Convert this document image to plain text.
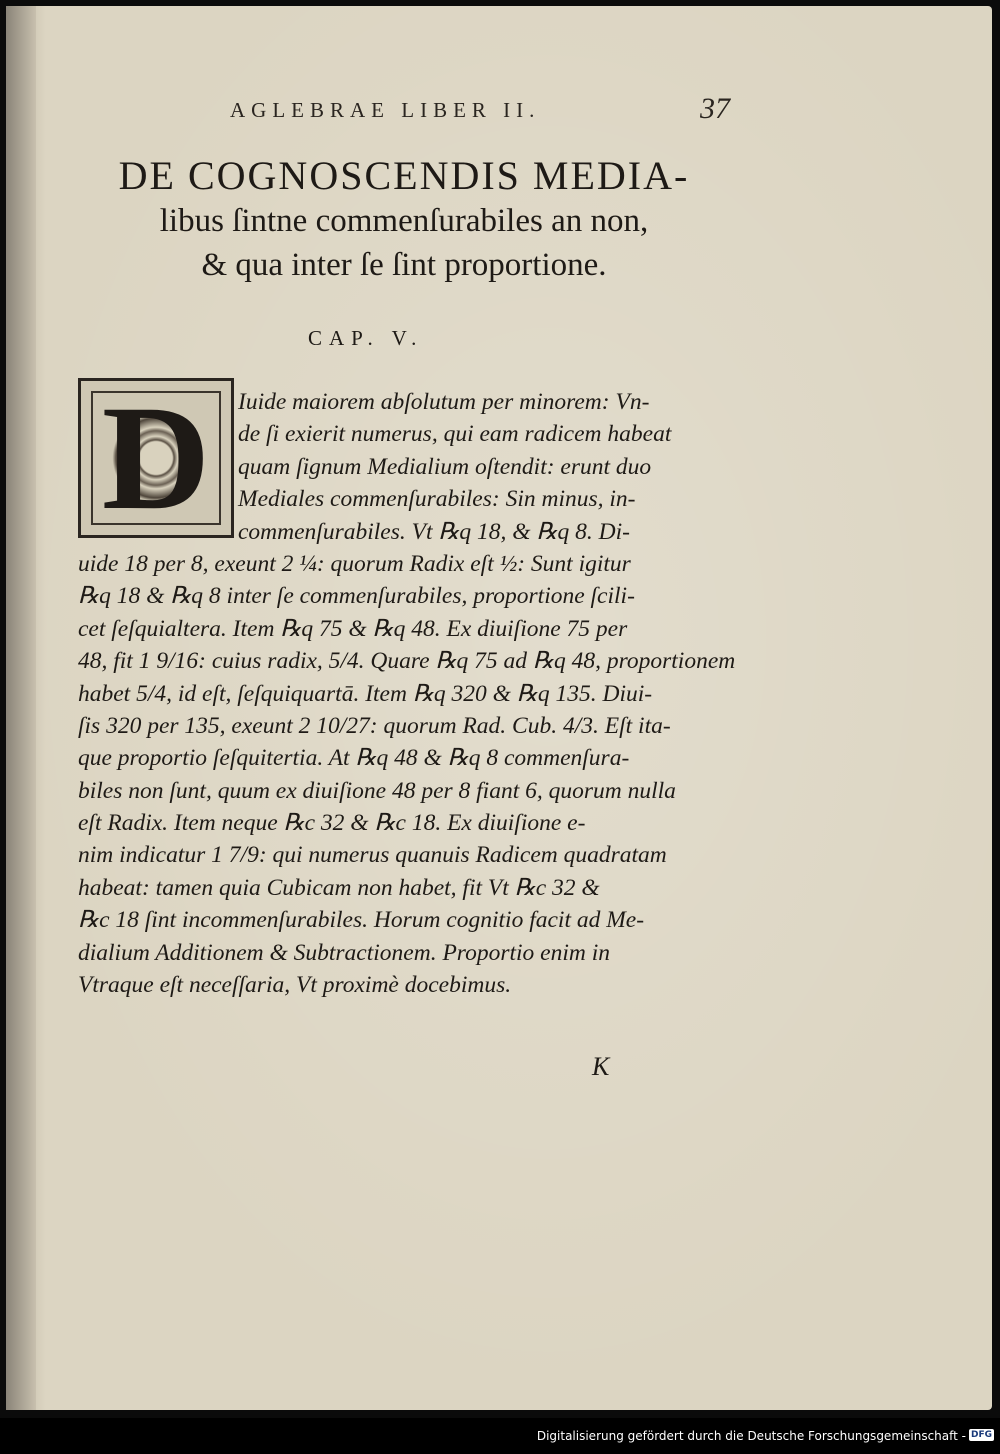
AGLEBRAE LIBER II.	37
DE COGNOSCENDIS MEDIA-
libus ſintne commenſurabiles an non,
& qua inter ſe ſint proportione.
CAP. V.
Iuide maiorem abſolutum per minorem: Vn-
de ſi exierit numerus, qui eam radicem habeat
quam ſignum Medialium oſtendit: erunt duo
Mediales commenſurabiles: Sin minus, in-
commenſurabiles. Vt ℞q 18, & ℞q 8. Di-
uide 18 per 8, exeunt 2 ¼: quorum Radix eſt ½: Sunt igitur
℞q 18 & ℞q 8 inter ſe commenſurabiles, proportione ſcili-
cet ſeſquialtera. Item ℞q 75 & ℞q 48. Ex diuiſione 75 per
48, fit 1 9/16: cuius radix, 5/4. Quare ℞q 75 ad ℞q 48, proportionem
habet 5/4, id eſt, ſeſquiquartā. Item ℞q 320 & ℞q 135. Diui-
ſis 320 per 135, exeunt 2 10/27: quorum Rad. Cub. 4/3. Eſt ita-
que proportio ſeſquitertia. At ℞q 48 & ℞q 8 commenſura-
biles non ſunt, quum ex diuiſione 48 per 8 fiant 6, quorum nulla
eſt Radix. Item neque ℞c 32 & ℞c 18. Ex diuiſione e-
nim indicatur 1 7/9: qui numerus quanuis Radicem quadratam
habeat: tamen quia Cubicam non habet, fit Vt ℞c 32 &
℞c 18 ſint incommenſurabiles. Horum cognitio facit ad Me-
dialium Additionem & Subtractionem. Proportio enim in
Vtraque eſt neceſſaria, Vt proximè docebimus.
D
K
Digitalisierung gefördert durch die Deutsche Forschungsgemeinschaft - DFG
